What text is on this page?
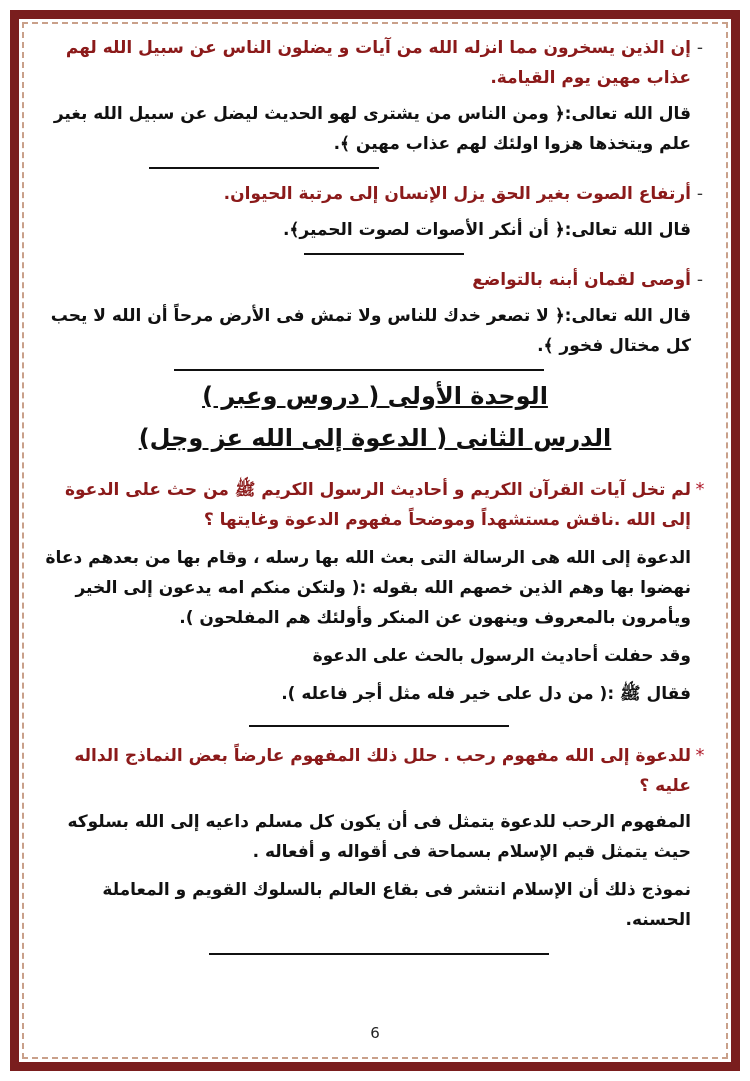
-
إن الذين يسخرون مما انزله الله من آيات و يضلون الناس عن سبيل الله لهم عذاب مهين يوم القيامة.
قال الله تعالى:﴿ ومن الناس من يشترى لهو الحديث ليضل عن سبيل الله بغير علم ويتخذها هزوا اولئك لهم عذاب مهين ﴾.
-
أرتفاع الصوت بغير الحق يزل الإنسان إلى مرتبة الحيوان.
قال الله تعالى:﴿ أن أنكر الأصوات لصوت الحمير﴾.
-
أوصى لقمان أبنه بالتواضع
قال الله تعالى:﴿ لا تصعر خدك للناس ولا تمش فى الأرض مرحاً أن الله لا يحب كل مختال فخور ﴾.
الوحدة الأولى ( دروس وعبر )
الدرس الثانى ( الدعوة إلى الله عز وجل)
*
لم تخل آيات القرآن الكريم و أحاديث الرسول الكريم ﷺ من حث على الدعوة إلى الله .ناقش مستشهداً وموضحاً مفهوم الدعوة وغايتها ؟
الدعوة إلى الله هى الرسالة التى بعث الله بها رسله ، وقام بها من بعدهم دعاة نهضوا بها وهم الذين خصهم الله بقوله :( ولتكن منكم امه يدعون إلى الخير ويأمرون بالمعروف وينهون عن المنكر وأولئك هم المفلحون ).
وقد حفلت أحاديث الرسول بالحث على الدعوة
فقال ﷺ :( من دل على خير فله مثل أجر فاعله ).
*
للدعوة إلى الله مفهوم رحب . حلل ذلك المفهوم عارضاً بعض النماذج الداله عليه ؟
المفهوم الرحب للدعوة يتمثل فى أن يكون كل مسلم داعيه إلى الله بسلوكه حيث يتمثل قيم الإسلام بسماحة فى أقواله و أفعاله .
نموذج ذلك أن الإسلام انتشر فى بقاع العالم بالسلوك القويم و المعاملة الحسنه.
6
